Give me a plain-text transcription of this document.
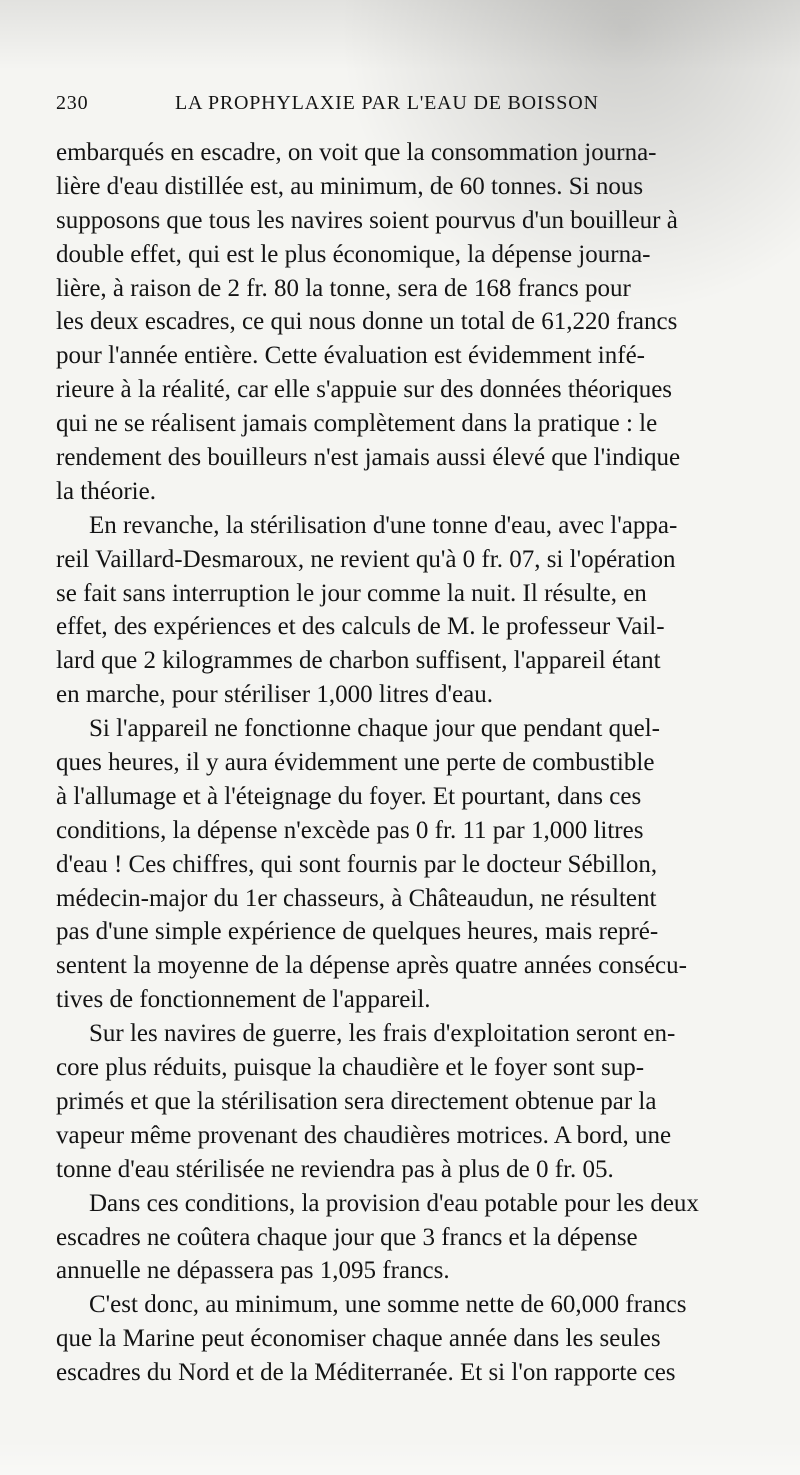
230	LA PROPHYLAXIE PAR L'EAU DE BOISSON
embarqués en escadre, on voit que la consommation journa-
lière d'eau distillée est, au minimum, de 60 tonnes. Si nous
supposons que tous les navires soient pourvus d'un bouilleur à
double effet, qui est le plus économique, la dépense journa-
lière, à raison de 2 fr. 80 la tonne, sera de 168 francs pour
les deux escadres, ce qui nous donne un total de 61,220 francs
pour l'année entière. Cette évaluation est évidemment infé-
rieure à la réalité, car elle s'appuie sur des données théoriques
qui ne se réalisent jamais complètement dans la pratique : le
rendement des bouilleurs n'est jamais aussi élevé que l'indique
la théorie.
En revanche, la stérilisation d'une tonne d'eau, avec l'appa-
reil Vaillard-Desmaroux, ne revient qu'à 0 fr. 07, si l'opération
se fait sans interruption le jour comme la nuit. Il résulte, en
effet, des expériences et des calculs de M. le professeur Vail-
lard que 2 kilogrammes de charbon suffisent, l'appareil étant
en marche, pour stériliser 1,000 litres d'eau.
Si l'appareil ne fonctionne chaque jour que pendant quel-
ques heures, il y aura évidemment une perte de combustible
à l'allumage et à l'éteignage du foyer. Et pourtant, dans ces
conditions, la dépense n'excède pas 0 fr. 11 par 1,000 litres
d'eau ! Ces chiffres, qui sont fournis par le docteur Sébillon,
médecin-major du 1er chasseurs, à Châteaudun, ne résultent
pas d'une simple expérience de quelques heures, mais repré-
sentent la moyenne de la dépense après quatre années consécu-
tives de fonctionnement de l'appareil.
Sur les navires de guerre, les frais d'exploitation seront en-
core plus réduits, puisque la chaudière et le foyer sont sup-
primés et que la stérilisation sera directement obtenue par la
vapeur même provenant des chaudières motrices. A bord, une
tonne d'eau stérilisée ne reviendra pas à plus de 0 fr. 05.
Dans ces conditions, la provision d'eau potable pour les deux
escadres ne coûtera chaque jour que 3 francs et la dépense
annuelle ne dépassera pas 1,095 francs.
C'est donc, au minimum, une somme nette de 60,000 francs
que la Marine peut économiser chaque année dans les seules
escadres du Nord et de la Méditerranée. Et si l'on rapporte ces
